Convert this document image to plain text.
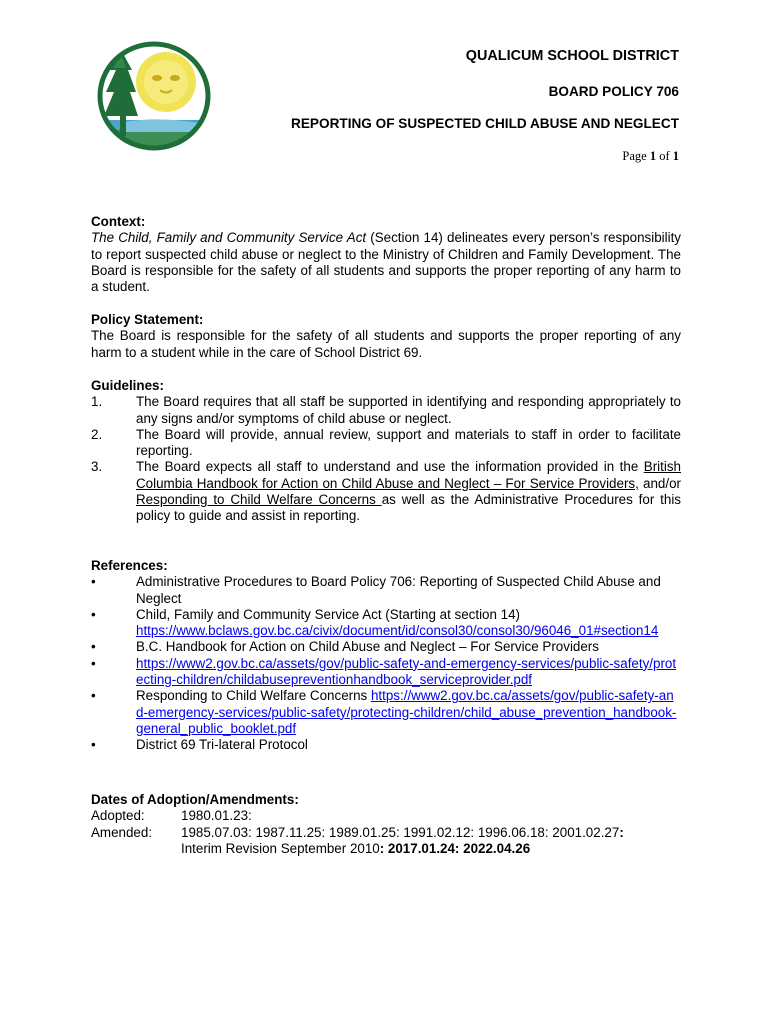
QUALICUM SCHOOL DISTRICT
BOARD POLICY 706
REPORTING OF SUSPECTED CHILD ABUSE AND NEGLECT
Page 1 of 1
Context:
The Child, Family and Community Service Act (Section 14) delineates every person’s responsibility to report suspected child abuse or neglect to the Ministry of Children and Family Development. The Board is responsible for the safety of all students and supports the proper reporting of any harm to a student.
Policy Statement:
The Board is responsible for the safety of all students and supports the proper reporting of any harm to a student while in the care of School District 69.
Guidelines:
1.	The Board requires that all staff be supported in identifying and responding appropriately to any signs and/or symptoms of child abuse or neglect.
2.	The Board will provide, annual review, support and materials to staff in order to facilitate reporting.
3.	The Board expects all staff to understand and use the information provided in the British Columbia Handbook for Action on Child Abuse and Neglect – For Service Providers, and/or Responding to Child Welfare Concerns as well as the Administrative Procedures for this policy to guide and assist in reporting.
References:
•	Administrative Procedures to Board Policy 706: Reporting of Suspected Child Abuse and Neglect
•	Child, Family and Community Service Act (Starting at section 14)
https://www.bclaws.gov.bc.ca/civix/document/id/consol30/consol30/96046_01#section14
•	B.C. Handbook for Action on Child Abuse and Neglect – For Service Providers
•	https://www2.gov.bc.ca/assets/gov/public-safety-and-emergency-services/public-safety/protecting-children/childabusepreventionhandbook_serviceprovider.pdf
•	Responding to Child Welfare Concerns https://www2.gov.bc.ca/assets/gov/public-safety-and-emergency-services/public-safety/protecting-children/child_abuse_prevention_handbook-general_public_booklet.pdf
•	District 69 Tri-lateral Protocol
Dates of Adoption/Amendments:
Adopted:	1980.01.23:
Amended:	1985.07.03: 1987.11.25: 1989.01.25: 1991.02.12: 1996.06.18: 2001.02.27:
Interim Revision September 2010: 2017.01.24: 2022.04.26
